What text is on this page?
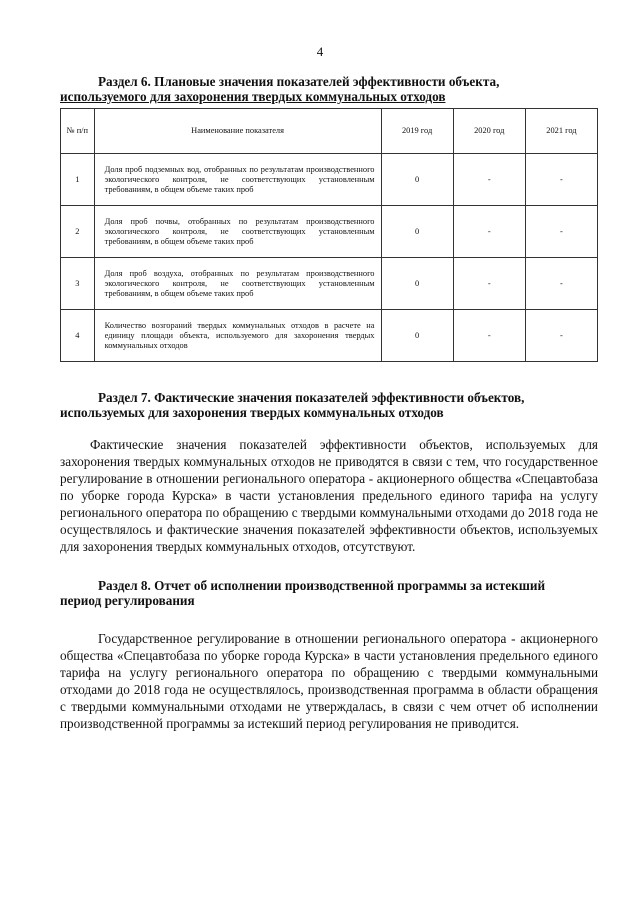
4
Раздел 6. Плановые значения показателей эффективности объекта,
используемого для захоронения твердых коммунальных отходов
№ п/п	Наименование показателя	2019 год	2020 год	2021 год
1	Доля проб подземных вод, отобранных по результатам производственного экологического контроля, не соответствующих установленным требованиям, в общем объеме таких проб	0	-	-
2	Доля проб почвы, отобранных по результатам производственного экологического контроля, не соответствующих установленным требованиям, в общем объеме таких проб	0	-	-
3	Доля проб воздуха, отобранных по результатам производственного экологического контроля, не соответствующих установленным требованиям, в общем объеме таких проб	0	-	-
4	Количество возгораний твердых коммунальных отходов в расчете на единицу площади объекта, используемого для захоронения твердых коммунальных отходов	0	-	-
Раздел 7. Фактические значения показателей эффективности объектов,
используемых для захоронения твердых коммунальных отходов
Фактические значения показателей эффективности объектов, используемых для захоронения твердых коммунальных отходов не приводятся в связи с тем, что государственное регулирование в отношении регионального оператора - акционерного общества «Спецавтобаза по уборке города Курска» в части установления предельного единого тарифа на услугу регионального оператора по обращению с твердыми коммунальными отходами до 2018 года не осуществлялось и фактические значения показателей эффективности объектов, используемых для захоронения твердых коммунальных отходов, отсутствуют.
Раздел 8. Отчет об исполнении производственной программы за истекший
период регулирования
Государственное регулирование в отношении регионального оператора - акционерного общества «Спецавтобаза по уборке города Курска» в части установления предельного единого тарифа на услугу регионального оператора по обращению с твердыми коммунальными отходами до 2018 года не осуществлялось, производственная программа в области обращения с твердыми коммунальными отходами не утверждалась, в связи с чем отчет об исполнении производственной программы за истекший период регулирования не приводится.
